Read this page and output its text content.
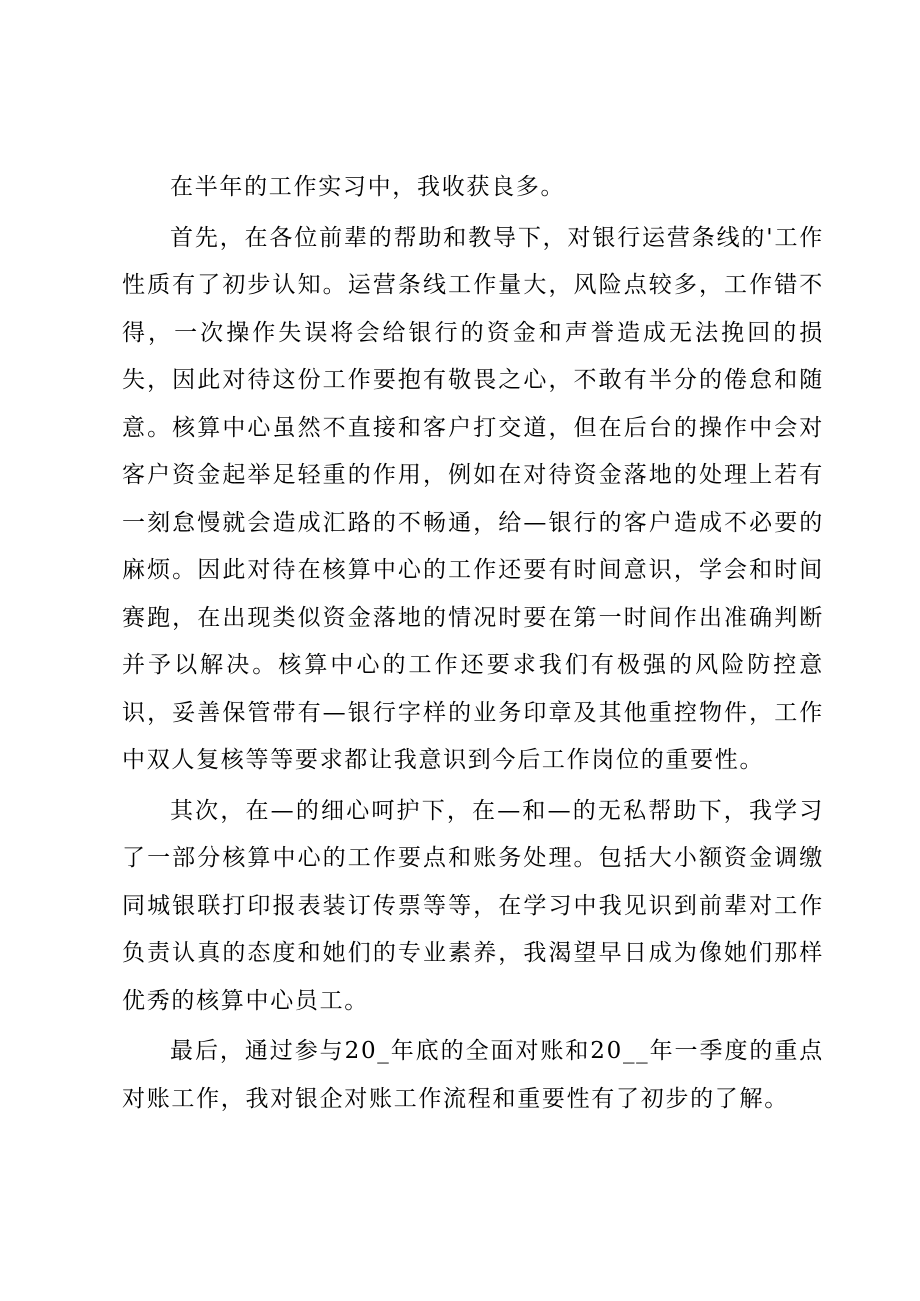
在半年的工作实习中，我收获良多。

首先，在各位前辈的帮助和教导下，对银行运营条线的'工作性质有了初步认知。运营条线工作量大，风险点较多，工作错不得，一次操作失误将会给银行的资金和声誉造成无法挽回的损失，因此对待这份工作要抱有敬畏之心，不敢有半分的倦怠和随意。核算中心虽然不直接和客户打交道，但在后台的操作中会对客户资金起举足轻重的作用，例如在对待资金落地的处理上若有一刻怠慢就会造成汇路的不畅通，给—银行的客户造成不必要的麻烦。因此对待在核算中心的工作还要有时间意识，学会和时间赛跑，在出现类似资金落地的情况时要在第一时间作出准确判断并予以解决。核算中心的工作还要求我们有极强的风险防控意识，妥善保管带有—银行字样的业务印章及其他重控物件，工作中双人复核等等要求都让我意识到今后工作岗位的重要性。

其次，在—的细心呵护下，在—和—的无私帮助下，我学习了一部分核算中心的工作要点和账务处理。包括大小额资金调缴同城银联打印报表装订传票等等，在学习中我见识到前辈对工作负责认真的态度和她们的专业素养，我渴望早日成为像她们那样优秀的核算中心员工。

最后，通过参与20_年底的全面对账和20__年一季度的重点对账工作，我对银企对账工作流程和重要性有了初步的了解。
